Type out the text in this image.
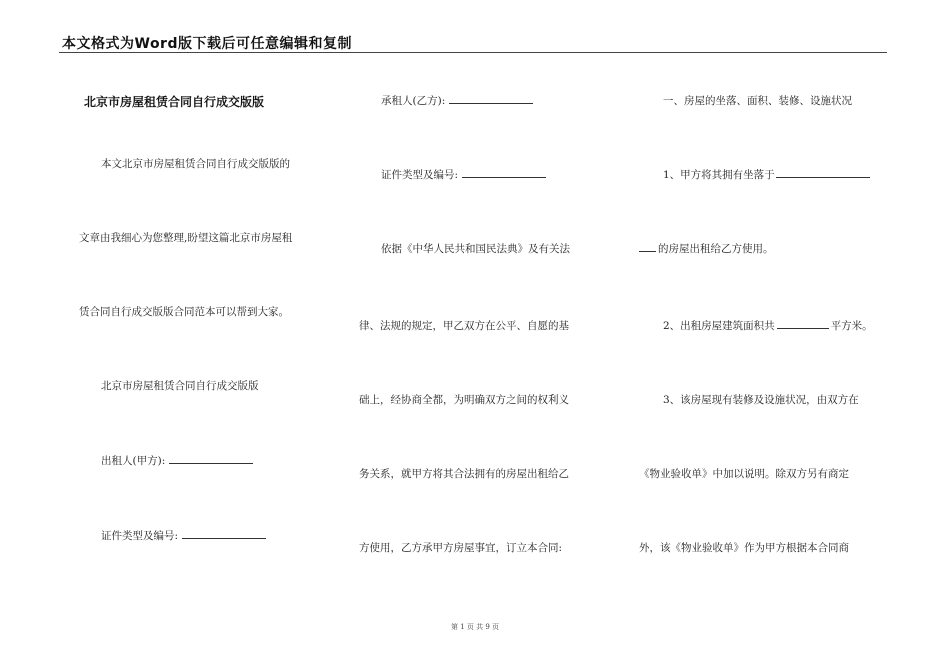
本文格式为Word版下载后可任意编辑和复制
北京市房屋租赁合同自行成交版版
本文北京市房屋租赁合同自行成交版版的
文章由我细心为您整理,盼望这篇北京市房屋租
赁合同自行成交版版合同范本可以帮到大家。
北京市房屋租赁合同自行成交版版
出租人(甲方):
证件类型及编号:
承租人(乙方):
证件类型及编号:
依据《中华人民共和国民法典》及有关法
律、法规的规定，甲乙双方在公平、自愿的基
础上，经协商全都，为明确双方之间的权利义
务关系，就甲方将其合法拥有的房屋出租给乙
方使用，乙方承甲方房屋事宜，订立本合同:
一、房屋的坐落、面积、装修、设施状况
1、甲方将其拥有坐落于
的房屋出租给乙方使用。
2、出租房屋建筑面积共	平方米。
3、该房屋现有装修及设施状况，由双方在
《物业验收单》中加以说明。除双方另有商定
外，该《物业验收单》作为甲方根据本合同商
第 1 页 共 9 页
